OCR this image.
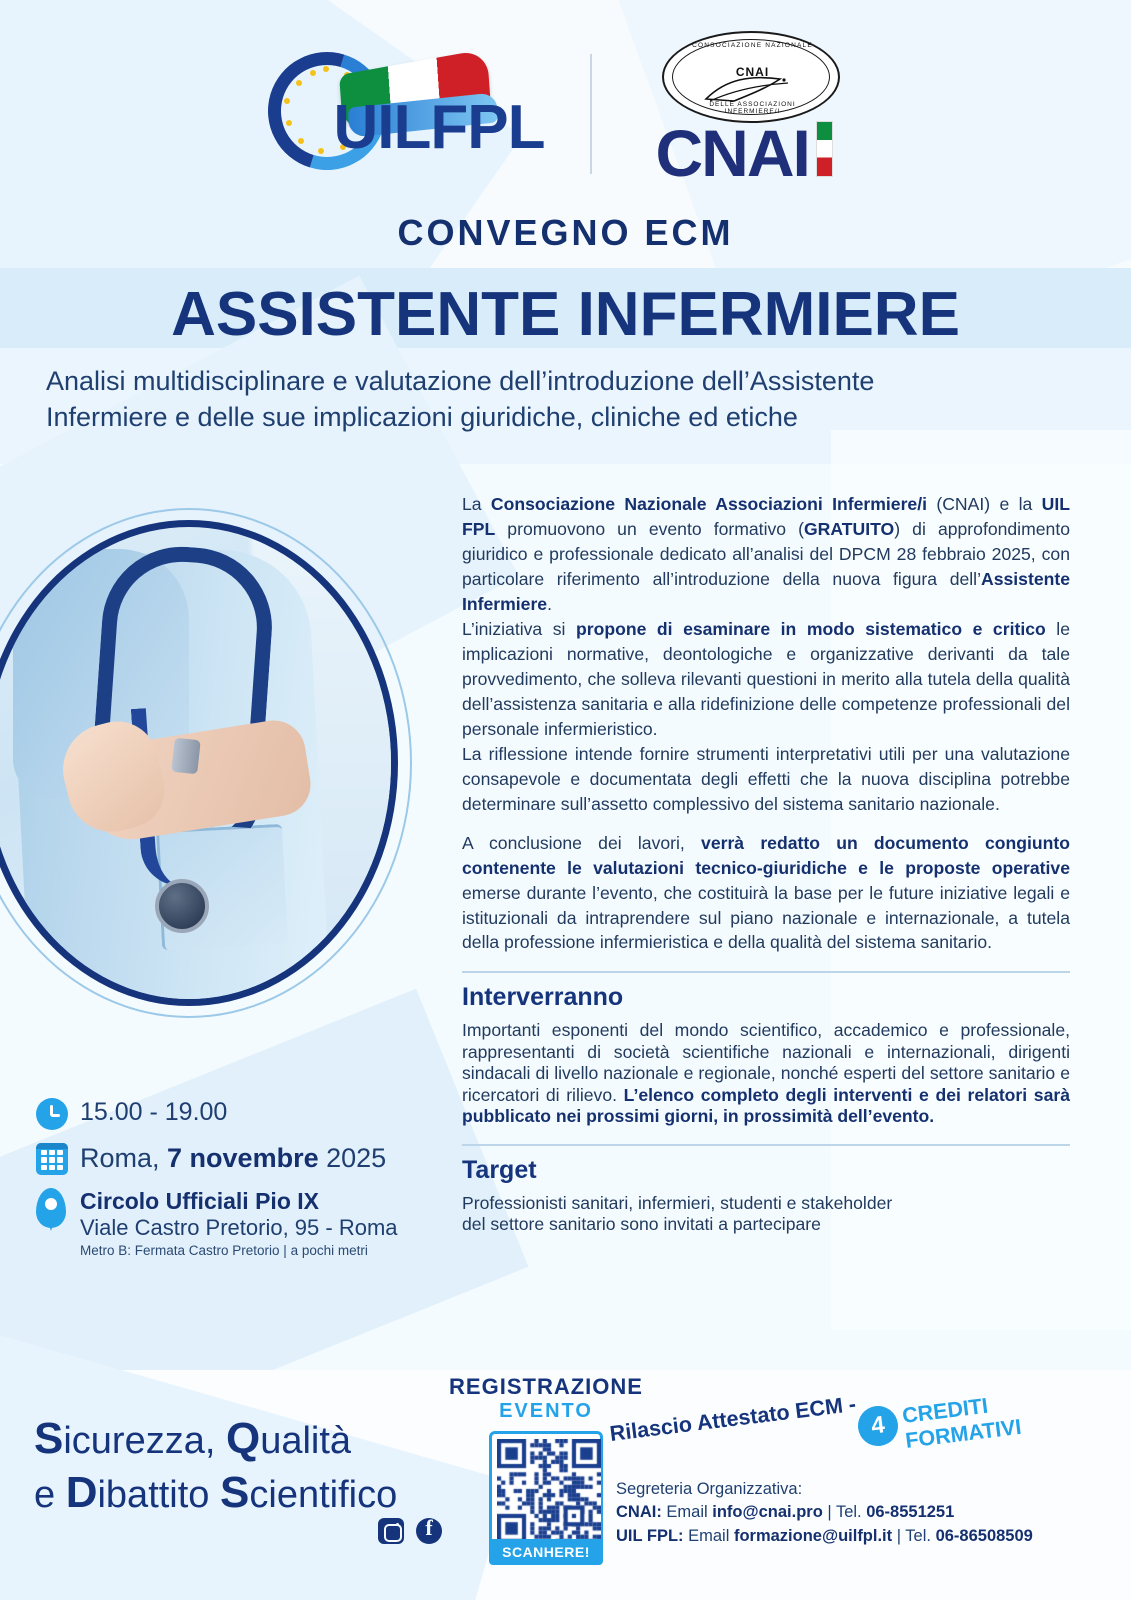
UILFPL
CONSOCIAZIONE NAZIONALE
CNAI
DELLE ASSOCIAZIONI INFERMIERE/I
CNAI
CONVEGNO ECM
ASSISTENTE INFERMIERE
Analisi multidisciplinare e valutazione dell’introduzione dell’Assistente
Infermiere e delle sue implicazioni giuridiche, cliniche ed etiche

La Consociazione Nazionale Associazioni Infermiere/i (CNAI) e la UIL FPL promuovono un evento formativo (GRATUITO) di approfondimento giuridico e professionale dedicato all’analisi del DPCM 28 febbraio 2025, con particolare riferimento all’introduzione della nuova figura dell’Assistente Infermiere.

L’iniziativa si propone di esaminare in modo sistematico e critico le implicazioni normative, deontologiche e organizzative derivanti da tale provvedimento, che solleva rilevanti questioni in merito alla tutela della qualità dell’assistenza sanitaria e alla ridefinizione delle competenze professionali del personale infermieristico.

La riflessione intende fornire strumenti interpretativi utili per una valutazione consapevole e documentata degli effetti che la nuova disciplina potrebbe determinare sull’assetto complessivo del sistema sanitario nazionale.

A conclusione dei lavori, verrà redatto un documento congiunto contenente le valutazioni tecnico-giuridiche e le proposte operative emerse durante l’evento, che costituirà la base per le future iniziative legali e istituzionali da intraprendere sul piano nazionale e internazionale, a tutela della professione infermieristica e della qualità del sistema sanitario.

Interverranno

Importanti esponenti del mondo scientifico, accademico e professionale, rappresentanti di società scientifiche nazionali e internazionali, dirigenti sindacali di livello nazionale e regionale, nonché esperti del settore sanitario e ricercatori di rilievo. L’elenco completo degli interventi e dei relatori sarà pubblicato nei prossimi giorni, in prossimità dell’evento.

Target

Professionisti sanitari, infermieri, studenti e stakeholder
del settore sanitario sono invitati a partecipare

15.00 - 19.00
Roma, 7 novembre 2025
Circolo Ufficiali Pio IX
Viale Castro Pretorio, 95 - Roma
Metro B: Fermata Castro Pretorio | a pochi metri
Sicurezza, Qualità
e Dibattito Scientifico
f
REGISTRAZIONE
EVENTO
SCAN HERE!
Rilascio Attestato ECM - 4 CREDITI FORMATIVI
Segreteria Organizzativa:
CNAI: Email info@cnai.pro | Tel. 06-8551251
UIL FPL: Email formazione@uilfpl.it | Tel. 06-86508509
